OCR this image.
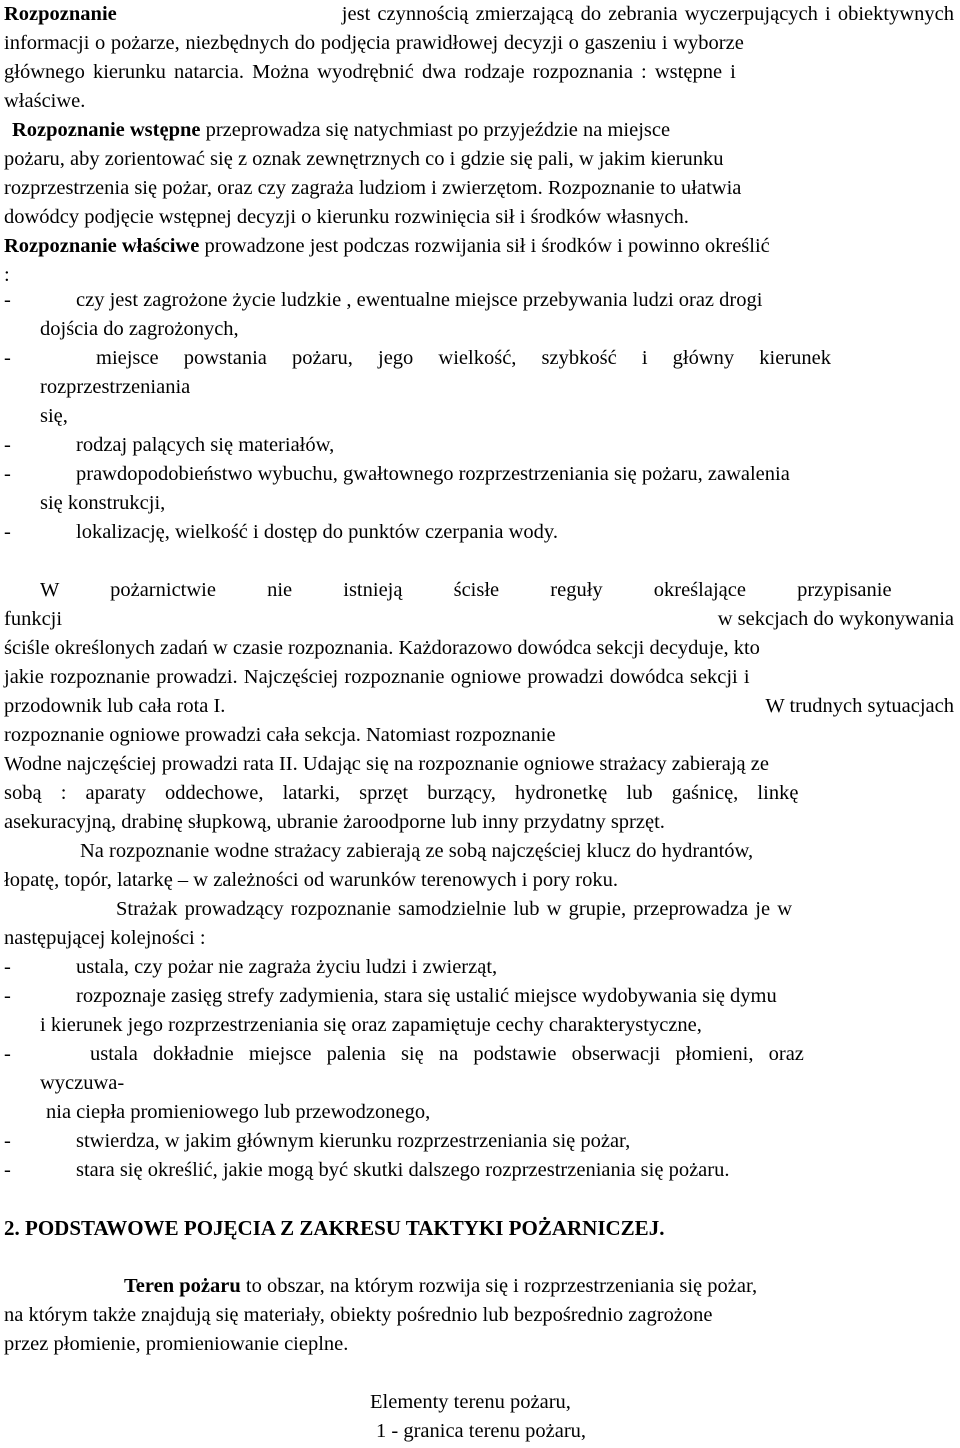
Rozpoznanie	jest czynnością zmierzającą do zebrania wyczerpujących i obiektywnych
informacji o pożarze, niezbędnych do podjęcia prawidłowej decyzji o gaszeniu i wyborze
głównego kierunku natarcia. Można wyodrębnić dwa rodzaje rozpoznania : wstępne i
właściwe.
Rozpoznanie wstępne przeprowadza się natychmiast po przyjeździe na miejsce
pożaru, aby zorientować się z oznak zewnętrznych co i gdzie się pali, w jakim kierunku
rozprzestrzenia się pożar, oraz czy zagraża ludziom i zwierzętom. Rozpoznanie to ułatwia
dowódcy podjęcie wstępnej decyzji o kierunku rozwinięcia sił i środków własnych.
Rozpoznanie właściwe prowadzone jest podczas rozwijania sił i środków i powinno określić
:
-	czy jest zagrożone życie ludzkie , ewentualne miejsce przebywania ludzi oraz drogi
dojścia do zagrożonych,
-	miejsce powstania pożaru, jego wielkość, szybkość i główny kierunek
rozprzestrzeniania
się,
-	rodzaj palących się materiałów,
-	prawdopodobieństwo wybuchu, gwałtownego rozprzestrzeniania się pożaru, zawalenia
się konstrukcji,
-	lokalizację, wielkość i dostęp do punktów czerpania wody.
W pożarnictwie nie istnieją ścisłe reguły określające przypisanie
funkcji	w sekcjach do wykonywania
ściśle określonych zadań w czasie rozpoznania. Każdorazowo dowódca sekcji decyduje, kto
jakie rozpoznanie prowadzi. Najczęściej rozpoznanie ogniowe prowadzi dowódca sekcji i
przodownik lub cała rota I.	W trudnych sytuacjach
rozpoznanie ogniowe prowadzi cała sekcja. Natomiast rozpoznanie
Wodne najczęściej prowadzi rata II. Udając się na rozpoznanie ogniowe strażacy zabierają ze
sobą : aparaty oddechowe, latarki, sprzęt burzący, hydronetkę lub gaśnicę, linkę
asekuracyjną, drabinę słupkową, ubranie żaroodporne lub inny przydatny sprzęt.
Na rozpoznanie wodne strażacy zabierają ze sobą najczęściej klucz do hydrantów,
łopatę, topór, latarkę – w zależności od warunków terenowych i pory roku.
Strażak prowadzący rozpoznanie samodzielnie lub w grupie, przeprowadza je w
następującej kolejności :
-	ustala, czy pożar nie zagraża życiu ludzi i zwierząt,
-	rozpoznaje zasięg strefy zadymienia, stara się ustalić miejsce wydobywania się dymu
i kierunek jego rozprzestrzeniania się oraz zapamiętuje cechy charakterystyczne,
-	ustala dokładnie miejsce palenia się na podstawie obserwacji płomieni, oraz
wyczuwa-
nia ciepła promieniowego lub przewodzonego,
-	stwierdza, w jakim głównym kierunku rozprzestrzeniania się pożar,
-	stara się określić, jakie mogą być skutki dalszego rozprzestrzeniania się pożaru.
2. PODSTAWOWE POJĘCIA Z ZAKRESU TAKTYKI POŻARNICZEJ.
Teren pożaru to obszar, na którym rozwija się i rozprzestrzeniania się pożar,
na którym także znajdują się materiały, obiekty pośrednio lub bezpośrednio zagrożone
przez płomienie, promieniowanie cieplne.
Elementy terenu pożaru,
1 - granica terenu pożaru,
